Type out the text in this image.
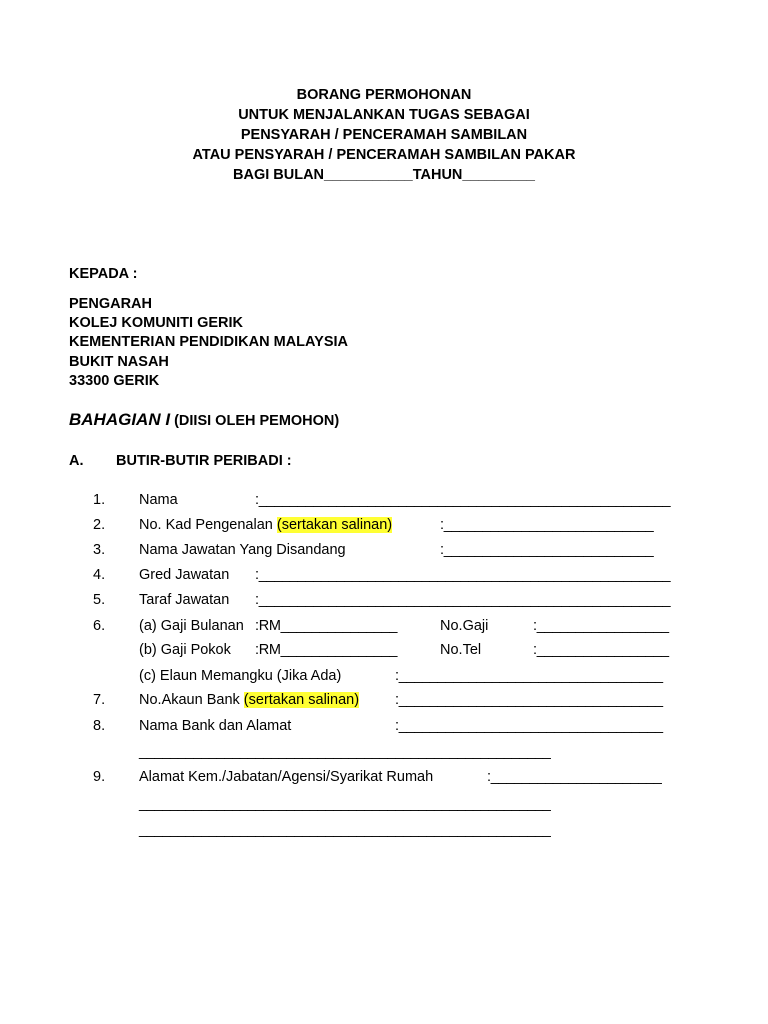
BORANG PERMOHONAN
UNTUK MENJALANKAN TUGAS SEBAGAI
PENSYARAH / PENCERAMAH SAMBILAN
ATAU PENSYARAH / PENCERAMAH SAMBILAN PAKAR
BAGI BULAN___________TAHUN_________
KEPADA :
PENGARAH
KOLEJ KOMUNITI GERIK
KEMENTERIAN PENDIDIKAN MALAYSIA
BUKIT NASAH
33300 GERIK
BAHAGIAN I (DIISI OLEH PEMOHON)
A. BUTIR-BUTIR PERIBADI :
1. Nama	:_____________________________________________________
2. No. Kad Pengenalan (sertakan salinan)	:___________________________
3. Nama Jawatan Yang Disandang	:___________________________
4. Gred Jawatan :_____________________________________________________
5. Taraf Jawatan :_____________________________________________________
6. (a) Gaji Bulanan :RM_______________	No.Gaji	:_________________
(b) Gaji Pokok :RM_______________	No.Tel	:_________________
(c) Elaun Memangku (Jika Ada)	:__________________________________
7. No.Akaun Bank (sertakan salinan) :__________________________________
8. Nama Bank dan Alamat	:__________________________________
_____________________________________________________
9. Alamat Kem./Jabatan/Agensi/Syarikat Rumah	:______________________
_____________________________________________________
_____________________________________________________
